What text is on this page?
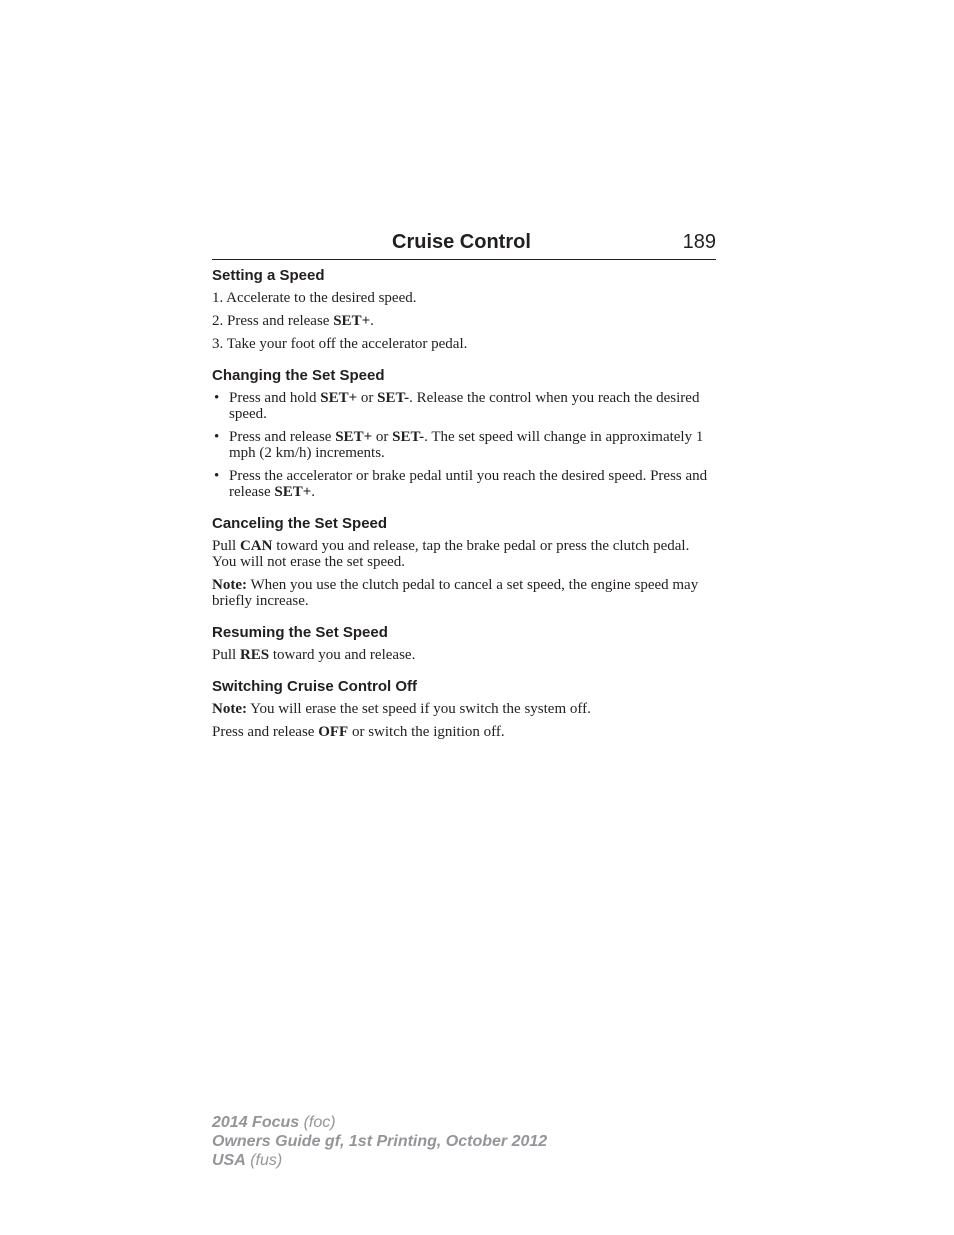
Cruise Control	189
Setting a Speed
1. Accelerate to the desired speed.
2. Press and release SET+.
3. Take your foot off the accelerator pedal.
Changing the Set Speed
• Press and hold SET+ or SET-. Release the control when you reach the desired speed.
• Press and release SET+ or SET-. The set speed will change in approximately 1 mph (2 km/h) increments.
• Press the accelerator or brake pedal until you reach the desired speed. Press and release SET+.
Canceling the Set Speed

Pull CAN toward you and release, tap the brake pedal or press the clutch pedal. You will not erase the set speed.

Note: When you use the clutch pedal to cancel a set speed, the engine speed may briefly increase.

Resuming the Set Speed

Pull RES toward you and release.

Switching Cruise Control Off

Note: You will erase the set speed if you switch the system off.

Press and release OFF or switch the ignition off.

2014 Focus (foc)
Owners Guide gf, 1st Printing, October 2012
USA (fus)
